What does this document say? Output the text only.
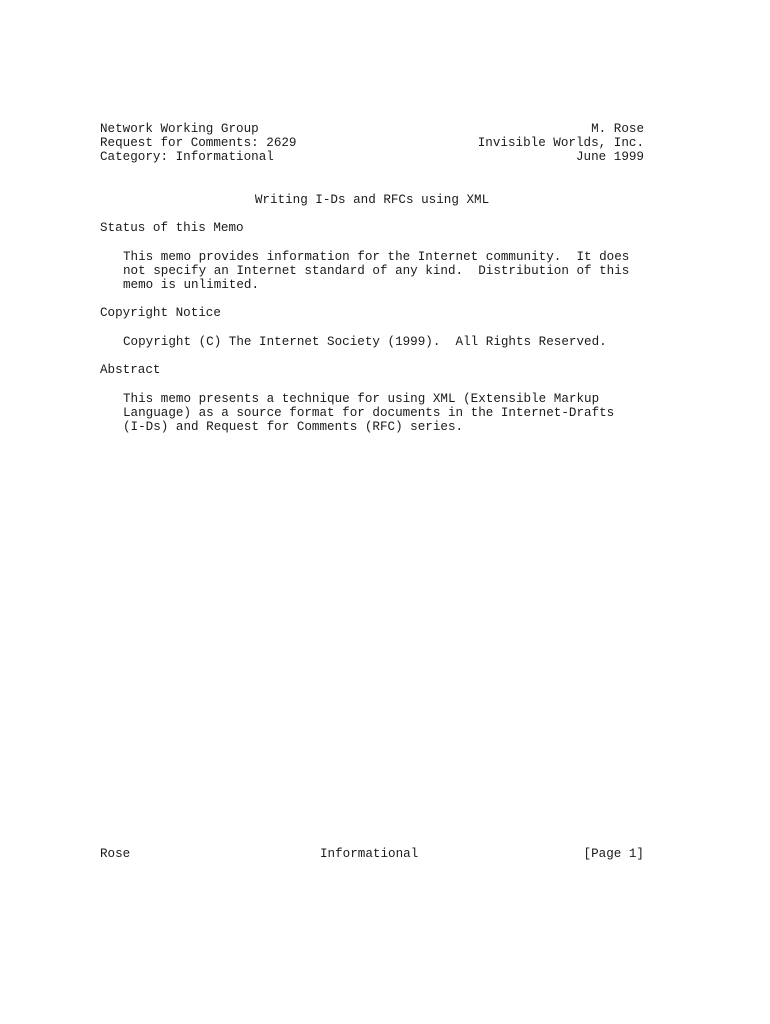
Network Working Group	M. Rose
Request for Comments: 2629	Invisible Worlds, Inc.
Category: Informational	June 1999
Writing I-Ds and RFCs using XML
Status of this Memo
This memo provides information for the Internet community.  It does
not specify an Internet standard of any kind.  Distribution of this
memo is unlimited.
Copyright Notice
Copyright (C) The Internet Society (1999).  All Rights Reserved.
Abstract
This memo presents a technique for using XML (Extensible Markup
Language) as a source format for documents in the Internet-Drafts
(I-Ds) and Request for Comments (RFC) series.
Rose	Informational	[Page 1]
